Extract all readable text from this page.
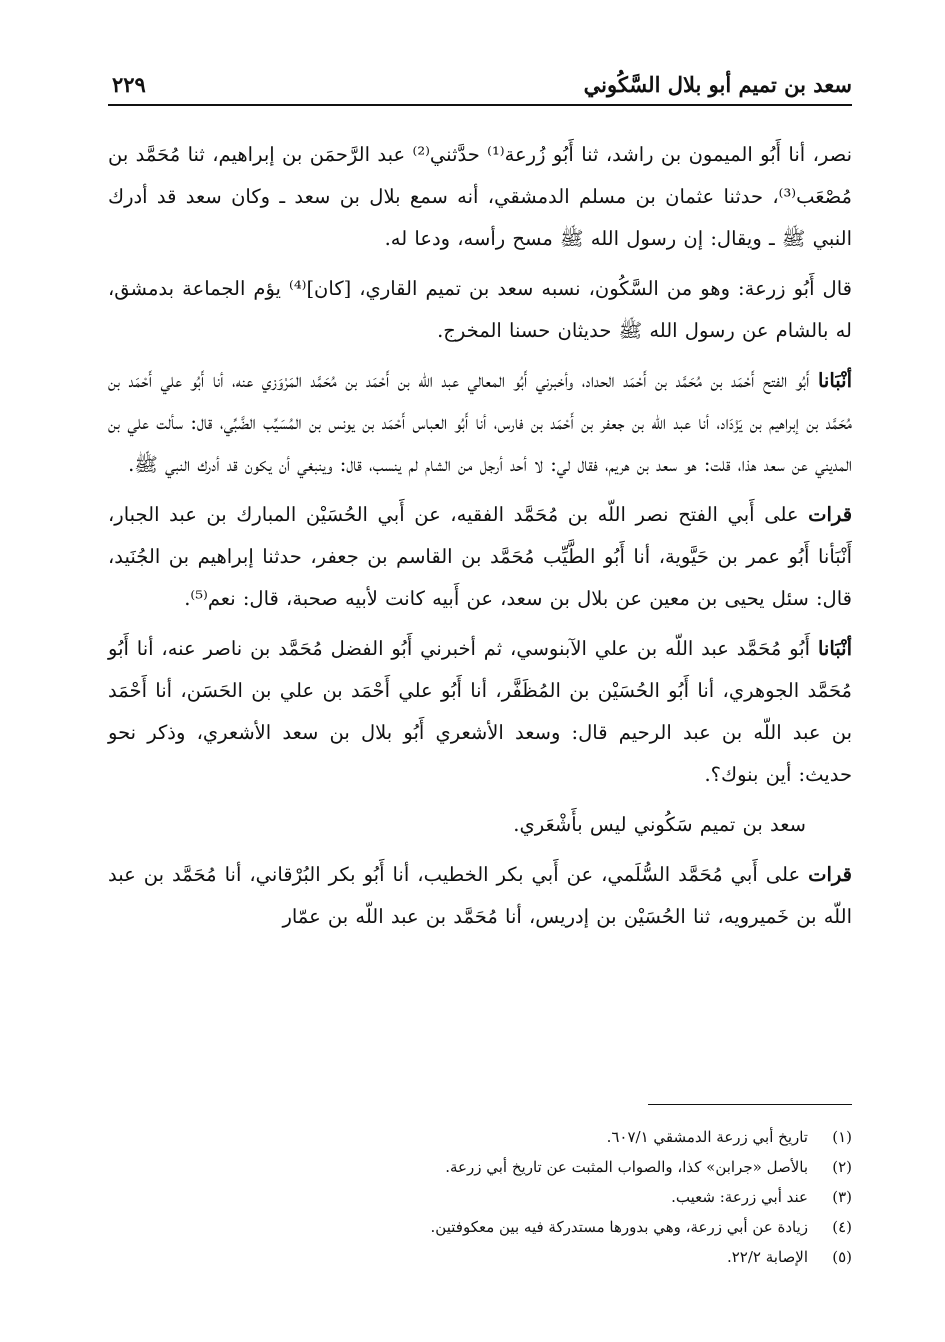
سعد بن تميم أبو بلال السَّكُوني
٢٢٩

نصر، أنا أَبُو الميمون بن راشد، ثنا أَبُو زُرعة⁽¹⁾ حدَّثني⁽²⁾ عبد الرَّحمَن بن إبراهيم، ثنا مُحَمَّد بن مُصْعَب⁽³⁾، حدثنا عثمان بن مسلم الدمشقي، أنه سمع بلال بن سعد ـ وكان سعد قد أدرك النبي ﷺ ـ ويقال: إن رسول الله ﷺ مسح رأسه، ودعا له.

قال أَبُو زرعة: وهو من السَّكُون، نسبه سعد بن تميم القاري، [كان]⁽⁴⁾ يؤم الجماعة بدمشق، له بالشام عن رسول الله ﷺ حديثان حسنا المخرج.

أنْبَانا أَبُو الفتح أَحْمَد بن مُحَمَّد بن أَحْمَد الحداد، وأخبرني أَبُو المعالي عبد اللّه بن أَحْمَد بن مُحَمَّد المَرْوَزي عنه، أنا أَبُو علي أَحْمَد بن مُحَمَّد بن إبراهيم بن يَزْدَاد، أنا عبد اللّه بن جعفر بن أَحْمَد بن فارس، أنا أَبُو العباس أَحْمَد بن يونس بن المُسَيِّب الضَّبِّي، قال: سألت علي بن المديني عن سعد هذا، قلت: هو سعد بن هريم، فقال لي: لا أحد أرجل من الشام لم ينسب، قال: وينبغي أن يكون قد أدرك النبي ﷺ.

قرات على أَبي الفتح نصر اللّه بن مُحَمَّد الفقيه، عن أَبي الحُسَيْن المبارك بن عبد الجبار، أَنْبَأنا أَبُو عمر بن حَيَّوية، أنا أَبُو الطَّيِّب مُحَمَّد بن القاسم بن جعفر، حدثنا إبراهيم بن الجُنَيد، قال: سئل يحيى بن معين عن بلال بن سعد، عن أَبيه كانت لأبيه صحبة، قال: نعم⁽⁵⁾.

أنْبَانا أَبُو مُحَمَّد عبد اللّه بن علي الآبنوسي، ثم أخبرني أَبُو الفضل مُحَمَّد بن ناصر عنه، أنا أَبُو مُحَمَّد الجوهري، أنا أَبُو الحُسَيْن بن المُظَفَّر، أنا أَبُو علي أَحْمَد بن علي بن الحَسَن، أنا أَحْمَد بن عبد اللّه بن عبد الرحيم قال: وسعد الأشعري أَبُو بلال بن سعد الأشعري، وذكر نحو حديث: أين بنوك؟.

سعد بن تميم سَكُوني ليس بأَشْعَري.

قرات على أَبي مُحَمَّد السُّلَمي، عن أَبي بكر الخطيب، أنا أَبُو بكر البُرْقاني، أنا مُحَمَّد بن عبد اللّه بن خَميرويه، ثنا الحُسَيْن بن إدريس، أنا مُحَمَّد بن عبد اللّه بن عمّار

(١)تاريخ أبي زرعة الدمشقي ٦٠٧/١.
(٢)بالأصل «جرابن» كذا، والصواب المثبت عن تاريخ أبي زرعة.
(٣)عند أبي زرعة: شعيب.
(٤)زيادة عن أبي زرعة، وهي بدورها مستدركة فيه بين معكوفتين.
(٥)الإصابة ٢٢/٢.
